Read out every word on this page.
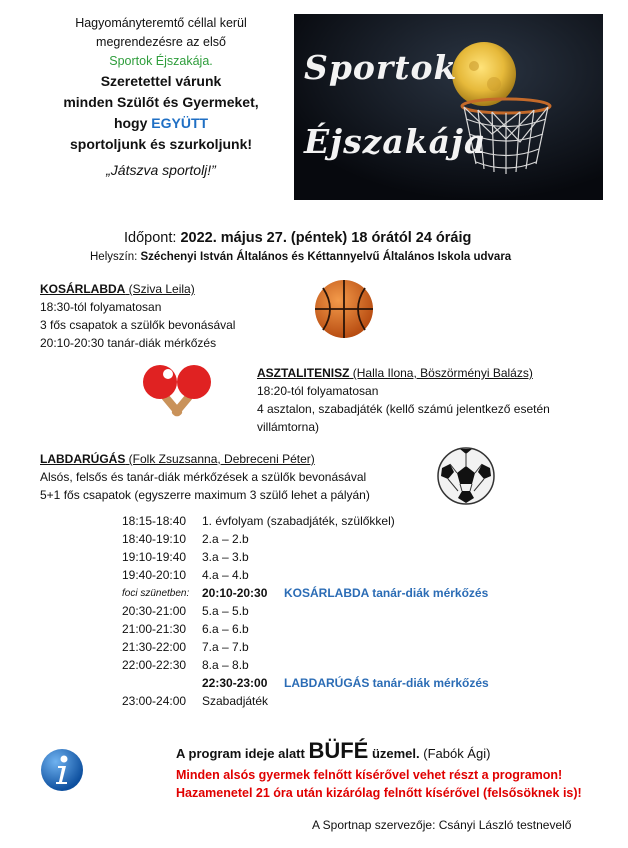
Hagyományteremtő céllal kerül
megrendezésre az első
Sportok Éjszakája.
Szeretettel várunk
minden Szülőt és Gyermeket,
hogy EGYÜTT
sportoljunk és szurkoljunk!
„Játszva sportolj!”
Sportok
Éjszakája
Időpont: 2022. május 27. (péntek) 18 órától 24 óráig
Helyszín: Széchenyi István Általános és Kéttannyelvű Általános Iskola udvara
KOSÁRLABDA (Sziva Leila)
18:30-tól folyamatosan
3 fős csapatok a szülők bevonásával
20:10-20:30 tanár-diák mérkőzés
ASZTALITENISZ (Halla Ilona, Böszörményi Balázs)
18:20-tól folyamatosan
4 asztalon, szabadjáték (kellő számú jelentkező esetén
villámtorna)
LABDARÚGÁS (Folk Zsuzsanna, Debreceni Péter)
Alsós, felsős és tanár-diák mérkőzések a szülők bevonásával
5+1 fős csapatok (egyszerre maximum 3 szülő lehet a pályán)
18:15-18:40 1. évfolyam (szabadjáték, szülőkkel)
18:40-19:10 2.a – 2.b
19:10-19:40 3.a – 3.b
19:40-20:10 4.a – 4.b
foci szünetben: 20:10-20:30 KOSÁRLABDA tanár-diák mérkőzés
20:30-21:00 5.a – 5.b
21:00-21:30 6.a – 6.b
21:30-22:00 7.a – 7.b
22:00-22:30 8.a – 8.b
22:30-23:00 LABDARÚGÁS tanár-diák mérkőzés
23:00-24:00 Szabadjáték
A program ideje alatt BÜFÉ üzemel. (Fabók Ági)
Minden alsós gyermek felnőtt kísérővel vehet részt a programon!
Hazamenetel 21 óra után kizárólag felnőtt kísérővel (felsősöknek is)!
A Sportnap szervezője: Csányi László testnevelő
